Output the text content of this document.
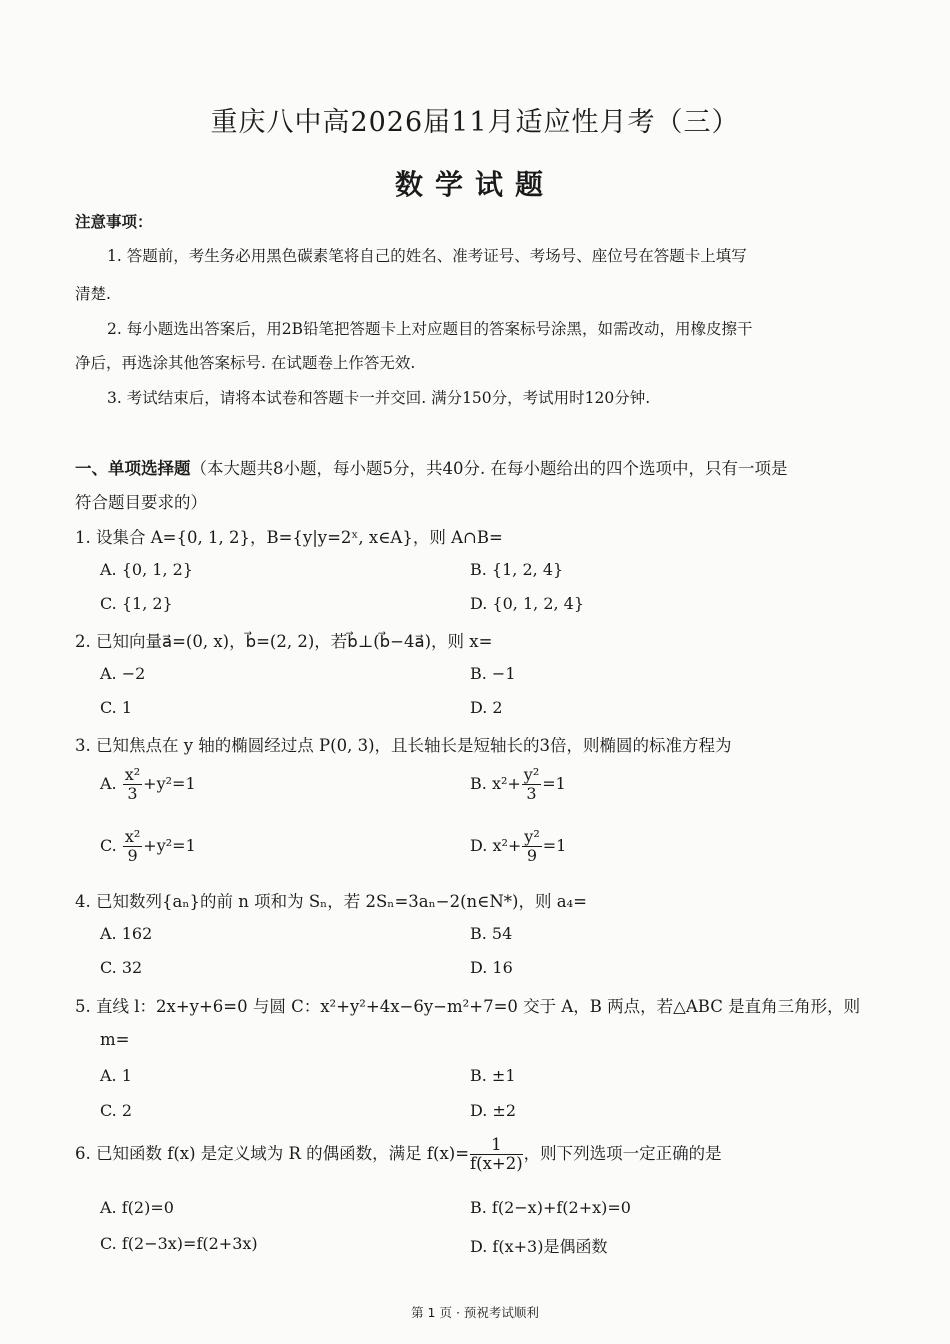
重庆八中高2026届11月适应性月考（三）
数学试题
注意事项：
1. 答题前，考生务必用黑色碳素笔将自己的姓名、准考证号、考场号、座位号在答题卡上填写
清楚.
2. 每小题选出答案后，用2B铅笔把答题卡上对应题目的答案标号涂黑，如需改动，用橡皮擦干
净后，再选涂其他答案标号. 在试题卷上作答无效.
3. 考试结束后，请将本试卷和答题卡一并交回. 满分150分，考试用时120分钟.
一、单项选择题（本大题共8小题，每小题5分，共40分. 在每小题给出的四个选项中，只有一项是
符合题目要求的）
1. 设集合 A={0, 1, 2}，B={y|y=2ˣ, x∈A}，则 A∩B=
A. {0, 1, 2}	B. {1, 2, 4}
C. {1, 2}	D. {0, 1, 2, 4}
2. 已知向量a⃗=(0, x)，b⃗=(2, 2)，若b⃗⊥(b⃗−4a⃗)，则 x=
A. −2	B. −1
C. 1	D. 2
3. 已知焦点在 y 轴的椭圆经过点 P(0, 3)，且长轴长是短轴长的3倍，则椭圆的标准方程为
A. $\frac{\text{x²}}{3} +y^2=1$	B. $x^2+ \frac{\text{y²}}{3} =1$
C. $\frac{\text{x²}}{9} +y^2=1$	D. $x^2+ \frac{\text{y²}}{9} =1$
4. 已知数列{aₙ}的前 n 项和为 Sₙ，若 2Sₙ=3aₙ−2(n∈N*)，则 a₄=
A. 162	B. 54
C. 32	D. 16
5. 直线 l：2x+y+6=0 与圆 C：x²+y²+4x−6y−m²+7=0 交于 A，B 两点，若△ABC 是直角三角形，则
m=
A. 1	B. ±1
C. 2	D. ±2
6. 已知函数 f(x) 是定义域为 R 的偶函数，满足 $f(x)= \frac{1}{f(x+2)}$ ，则下列选项一定正确的是
A. f(2)=0	B. f(2−x)+f(2+x)=0
C. f(2−3x)=f(2+3x)	D. f(x+3)是偶函数
第 1 页 · 预祝考试顺利
